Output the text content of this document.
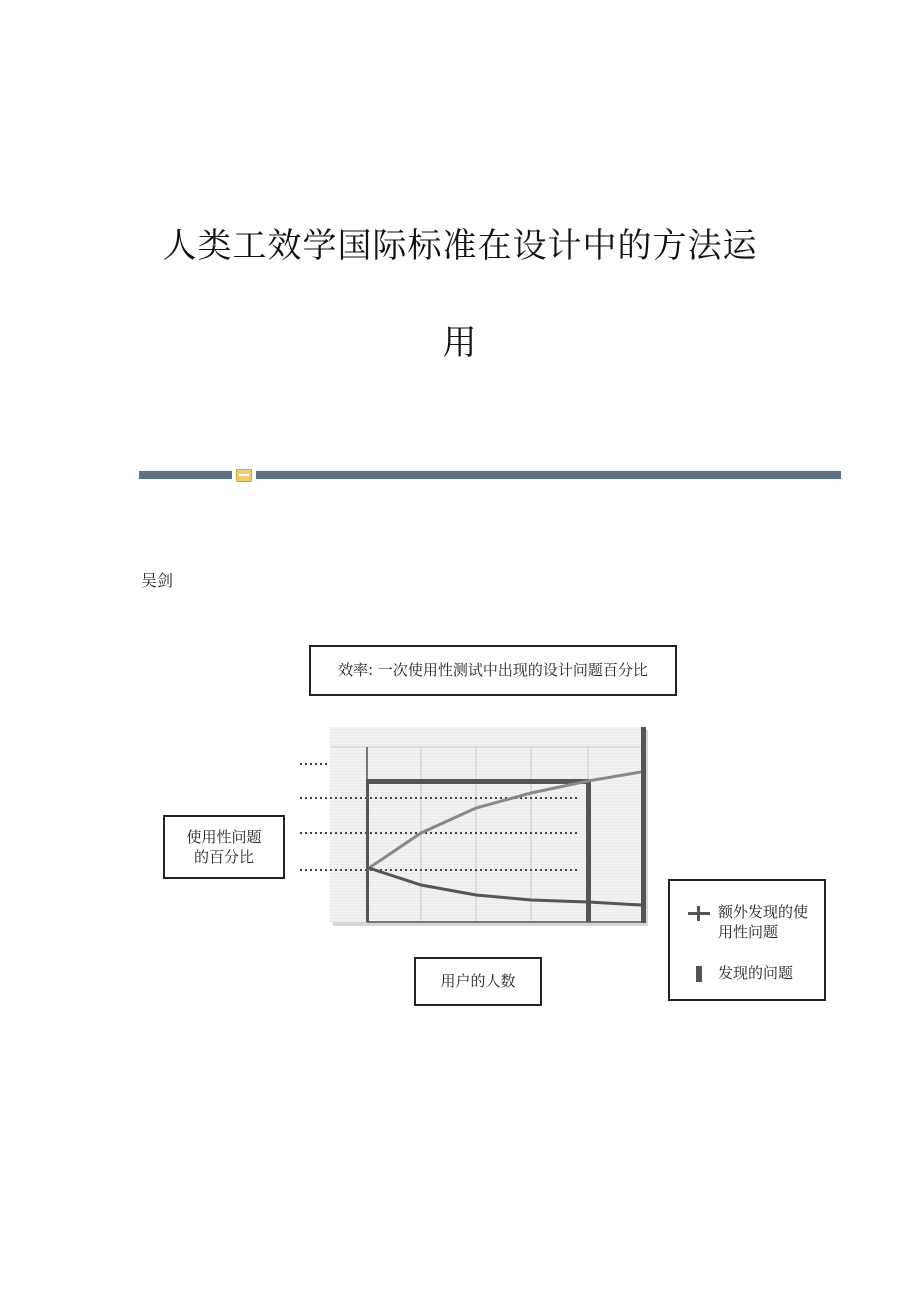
人类工效学国际标准在设计中的方法运
用
吴剑
效率: 一次使用性测试中出现的设计问题百分比
使用性问题
的百分比
用户的人数
额外发现的使用性问题
发现的问题
